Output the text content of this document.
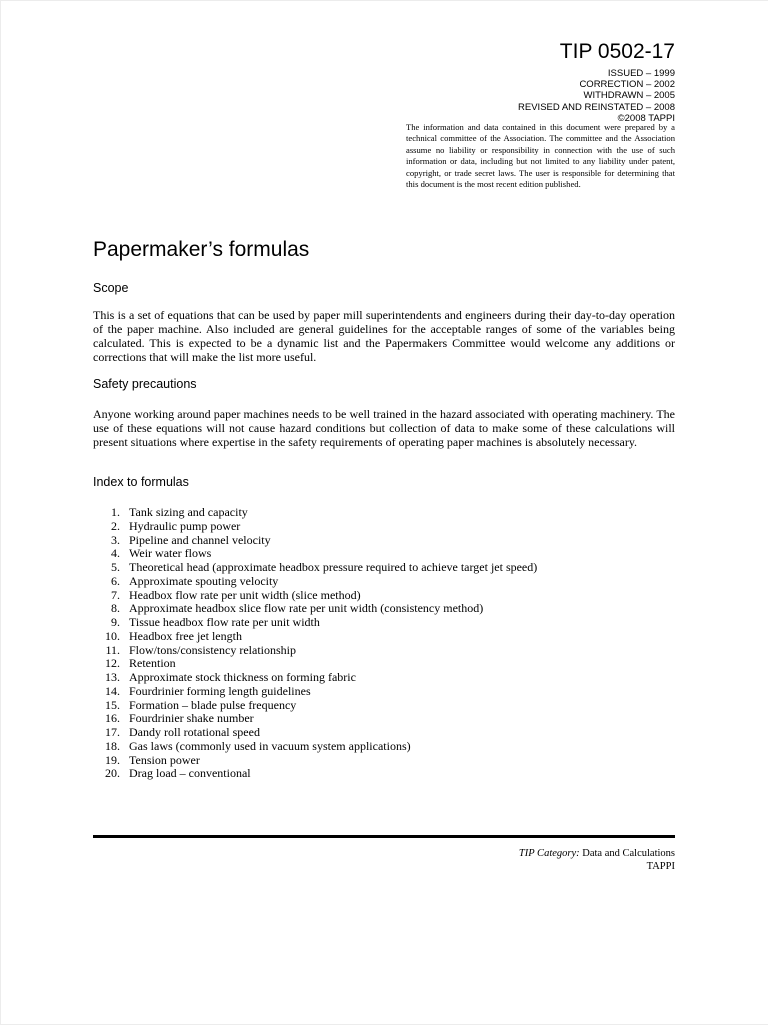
TIP 0502-17
ISSUED – 1999
CORRECTION – 2002
WITHDRAWN – 2005
REVISED AND REINSTATED – 2008
©2008 TAPPI
The information and data contained in this document were prepared by a technical committee of the Association. The committee and the Association assume no liability or responsibility in connection with the use of such information or data, including but not limited to any liability under patent, copyright, or trade secret laws. The user is responsible for determining that this document is the most recent edition published.
Papermaker’s formulas
Scope

This is a set of equations that can be used by paper mill superintendents and engineers during their day-to-day operation of the paper machine. Also included are general guidelines for the acceptable ranges of some of the variables being calculated. This is expected to be a dynamic list and the Papermakers Committee would welcome any additions or corrections that will make the list more useful.

Safety precautions

Anyone working around paper machines needs to be well trained in the hazard associated with operating machinery. The use of these equations will not cause hazard conditions but collection of data to make some of these calculations will present situations where expertise in the safety requirements of operating paper machines is absolutely necessary.

Index to formulas
1. Tank sizing and capacity
2. Hydraulic pump power
3. Pipeline and channel velocity
4. Weir water flows
5. Theoretical head (approximate headbox pressure required to achieve target jet speed)
6. Approximate spouting velocity
7. Headbox flow rate per unit width (slice method)
8. Approximate headbox slice flow rate per unit width (consistency method)
9. Tissue headbox flow rate per unit width
10. Headbox free jet length
11. Flow/tons/consistency relationship
12. Retention
13. Approximate stock thickness on forming fabric
14. Fourdrinier forming length guidelines
15. Formation – blade pulse frequency
16. Fourdrinier shake number
17. Dandy roll rotational speed
18. Gas laws (commonly used in vacuum system applications)
19. Tension power
20. Drag load – conventional
TIP Category: Data and Calculations
TAPPI
